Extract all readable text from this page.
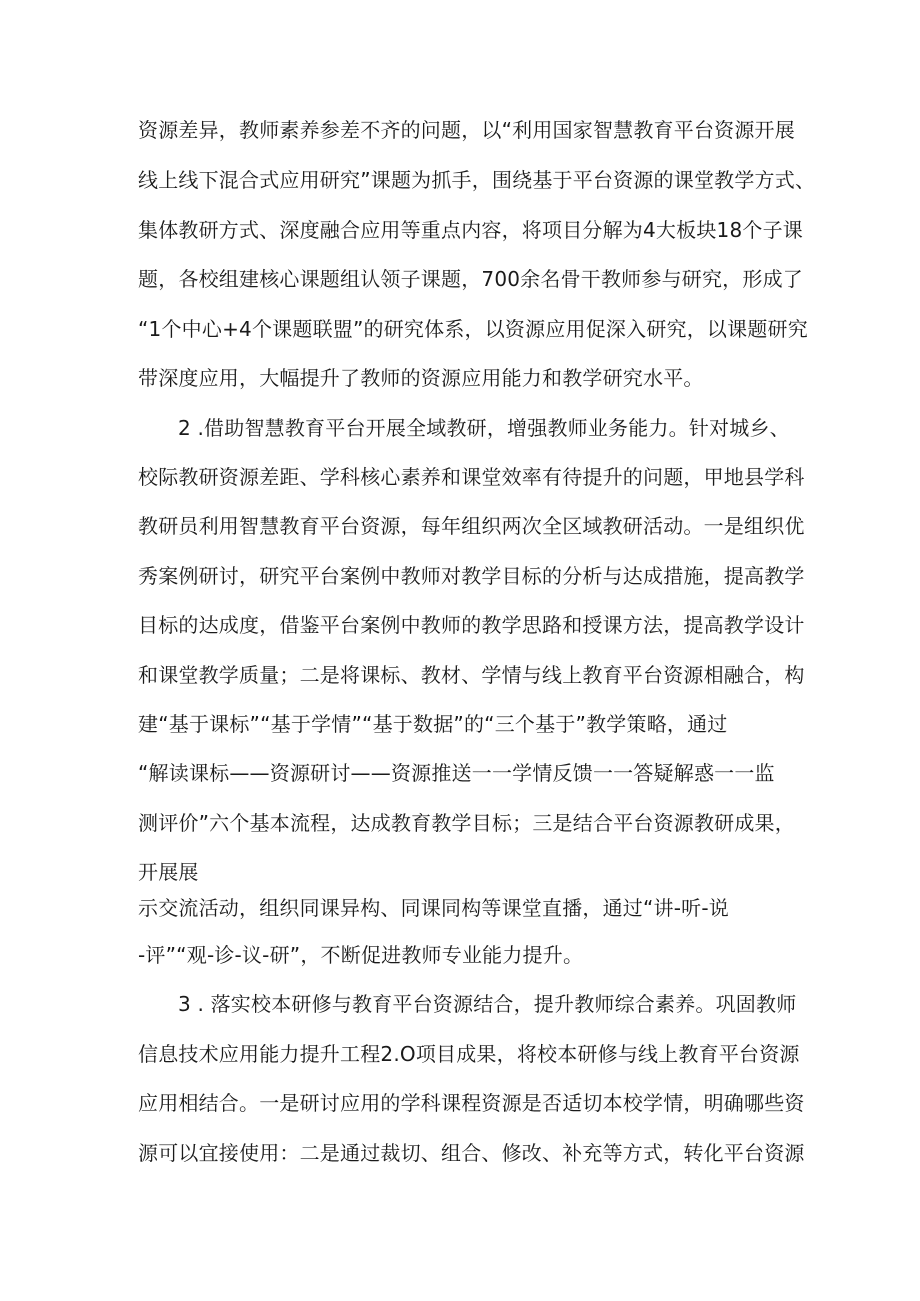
资源差异，教师素养参差不齐的问题，以“利用国家智慧教育平台资源开展
线上线下混合式应用研究”课题为抓手，围绕基于平台资源的课堂教学方式、
集体教研方式、深度融合应用等重点内容，将项目分解为4大板块18个子课
题，各校组建核心课题组认领子课题，700余名骨干教师参与研究，形成了
“1个中心+4个课题联盟”的研究体系，以资源应用促深入研究，以课题研究
带深度应用，大幅提升了教师的资源应用能力和教学研究水平。
2 .借助智慧教育平台开展全域教研，增强教师业务能力。针对城乡、
校际教研资源差距、学科核心素养和课堂效率有待提升的问题，甲地县学科
教研员利用智慧教育平台资源，每年组织两次全区域教研活动。一是组织优
秀案例研讨，研究平台案例中教师对教学目标的分析与达成措施，提高教学
目标的达成度，借鉴平台案例中教师的教学思路和授课方法，提高教学设计
和课堂教学质量；二是将课标、教材、学情与线上教育平台资源相融合，构
建“基于课标”“基于学情”“基于数据”的“三个基于”教学策略，通过
“解读课标——资源研讨——资源推送一一学情反馈一一答疑解惑一一监
测评价”六个基本流程，达成教育教学目标；三是结合平台资源教研成果，
开展展
示交流活动，组织同课异构、同课同构等课堂直播，通过“讲-听-说
-评”“观-诊-议-研”，不断促进教师专业能力提升。
3 . 落实校本研修与教育平台资源结合，提升教师综合素养。巩固教师
信息技术应用能力提升工程2.O项目成果，将校本研修与线上教育平台资源
应用相结合。一是研讨应用的学科课程资源是否适切本校学情，明确哪些资
源可以宜接使用：二是通过裁切、组合、修改、补充等方式，转化平台资源
